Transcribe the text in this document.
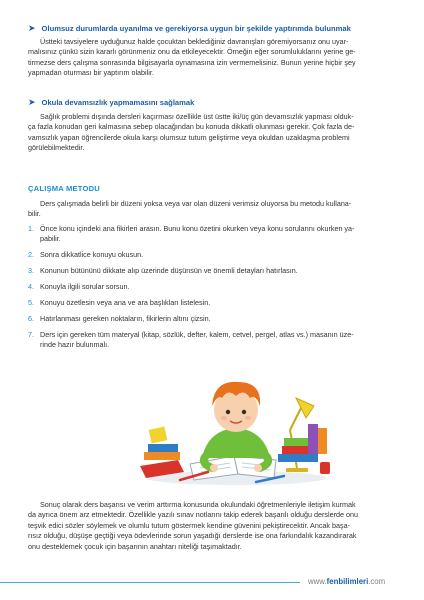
➤ Olumsuz durumlarda uyanılma ve gerekiyorsa uygun bir şekilde yaptırımda bulunmak
Üstteki tavsiyelere uyduğunuz halde çocuktan beklediğiniz davranışları göremiyorsanız onu uyar-
malısınız çünkü sizin kararlı görünmeniz onu da etkileyecektir. Örneğin eğer sorumluluklarını yerine ge-
tirmezse ders çalışma sonrasında bilgisayarla oynamasına izin vermemelisiniz. Bunun yerine hiçbir şey
yapmadan oturması bir yaptırım olabilir.
➤ Okula devamsızlık yapmamasını sağlamak
Sağlık problemi dışında dersleri kaçırması özellikle üst üstte iki/üç gün devamsızlık yapması olduk-
ça fazla konudan geri kalmasına sebep olacağından bu konuda dikkatli olunması gerekir. Çok fazla de-
vamsızlık yapan öğrencilerde okula karşı olumsuz tutum geliştirme veya okuldan uzaklaşma problemi
görülebilmektedir.
ÇALIŞMA METODU
Ders çalışmada belirli bir düzeni yoksa veya var olan düzeni verimsiz oluyorsa bu metodu kullana-
bilir.
1. Önce konu içindeki ana fikirleri arasın. Bunu konu özetini okurken veya konu sorularını okurken ya-
pabilir.
2. Sonra dikkatlice konuyu okusun.
3. Konunun bütününü dikkate alıp üzerinde düşünsün ve önemli detayları hatırlasın.
4. Konuyla ilgili sorular sorsun.
5. Konuyu özetlesin veya ana ve ara başlıkları listelesin.
6. Hatırlanması gereken noktaların, fikirlerin altını çizsin.
7. Ders için gereken tüm materyal (kitap, sözlük, defter, kalem, cetvel, pergel, atlas vs.) masanın üze-
rinde hazır bulunmalı.
Sonuç olarak ders başarısı ve verim arttırma konusunda okulundaki öğretmenleriyle iletişim kurmak
da ayrıca önem arz etmektedir. Özellikle yazılı sınav notlarını takip ederek başarılı olduğu derslerde onu
teşvik edici sözler söylemek ve olumlu tutum göstermek kendine güvenini pekiştirecektir. Ancak başa-
rısız olduğu, düşüşe geçtiği veya ödevlerinde sorun yaşadığı derslerde ise ona farkındalık kazandırarak
onu desteklemek çocuk için başarının anahtarı niteliği taşımaktadır.
www.fenbilimleri.com
